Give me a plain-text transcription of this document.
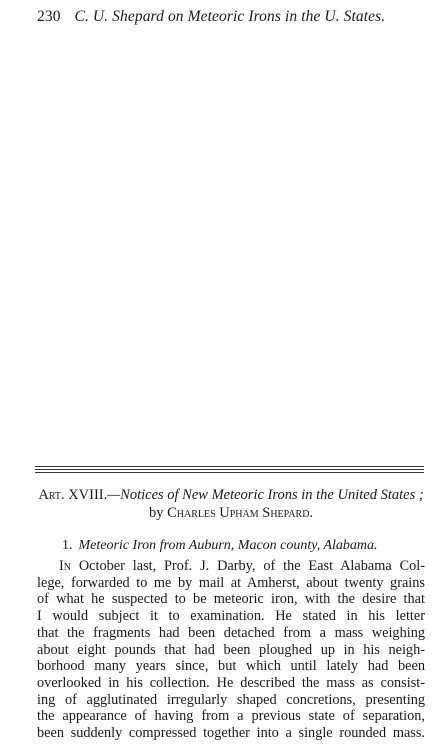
230 C. U. Shepard on Meteoric Irons in the U. States.
Art. XVIII.—Notices of New Meteoric Irons in the United States ; by Charles Upham Shepard.
1. Meteoric Iron from Auburn, Macon county, Alabama.
In October last, Prof. J. Darby, of the East Alabama Col-
lege, forwarded to me by mail at Amherst, about twenty grains
of what he suspected to be meteoric iron, with the desire that
I would subject it to examination. He stated in his letter
that the fragments had been detached from a mass weighing
about eight pounds that had been ploughed up in his neigh-
borhood many years since, but which until lately had been
overlooked in his collection. He described the mass as consist-
ing of agglutinated irregularly shaped concretions, presenting
the appearance of having from a previous state of separation,
been suddenly compressed together into a single rounded mass.
